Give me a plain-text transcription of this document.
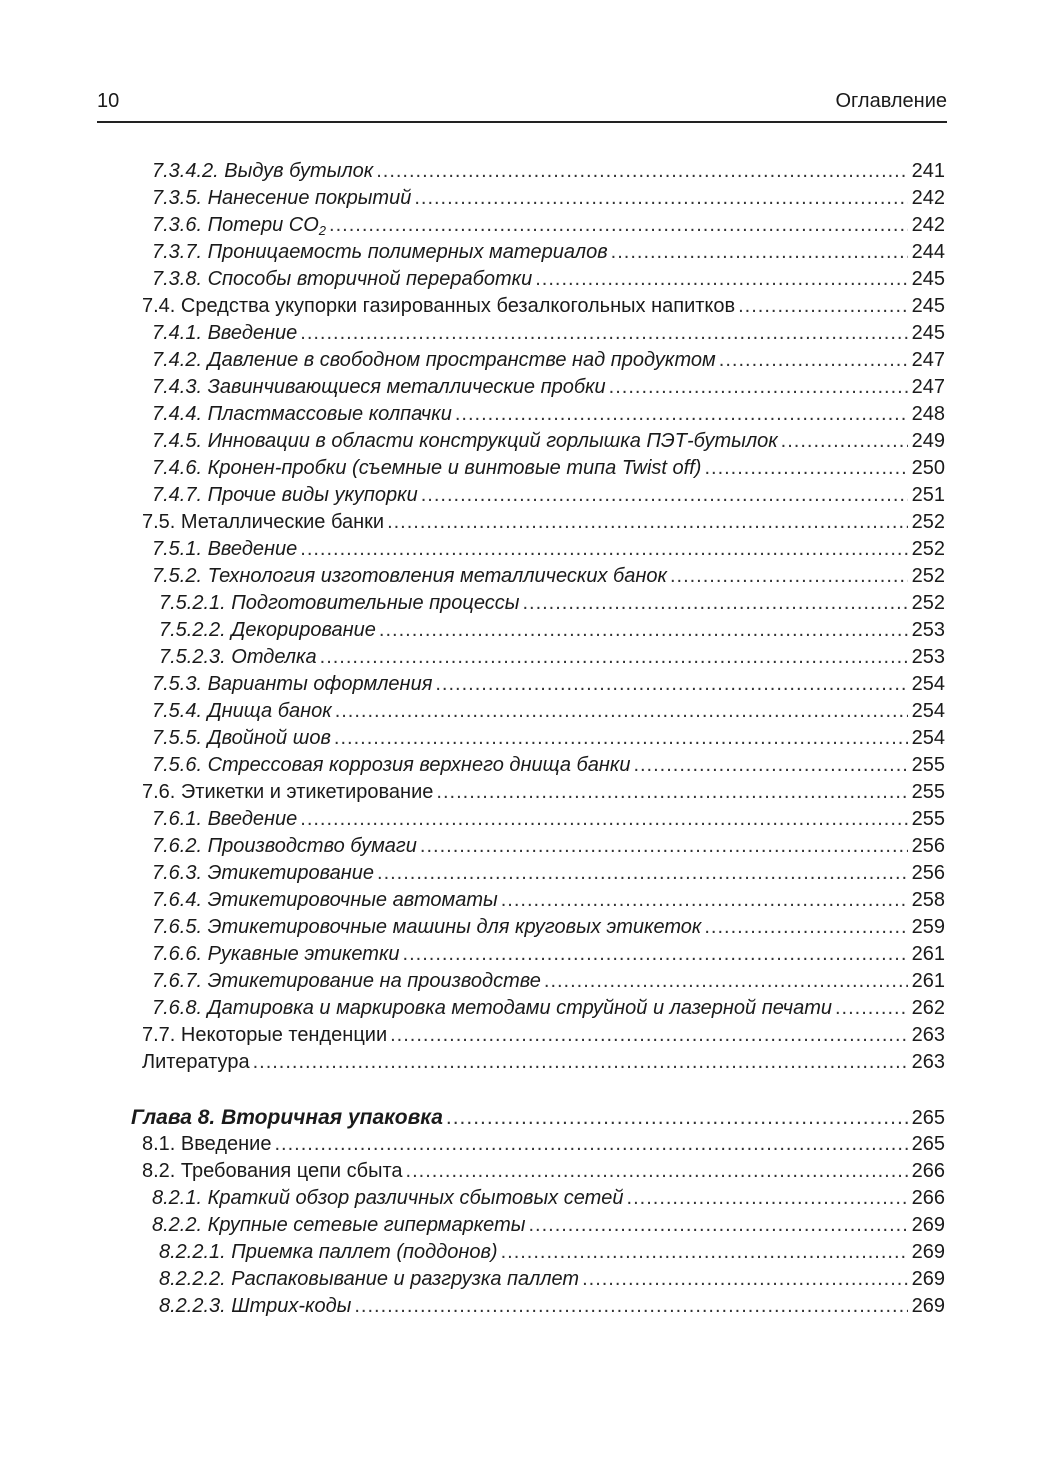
10	Оглавление
7.3.4.2. Выдув бутылок .....	241
7.3.5. Нанесение покрытий .....	242
7.3.6. Потери $CO_2$ .....	242
7.3.7. Проницаемость полимерных материалов .....	244
7.3.8. Способы вторичной переработки .....	245
7.4. Средства укупорки газированных безалкогольных напитков .....	245
7.4.1. Введение .....	245
7.4.2. Давление в свободном пространстве над продуктом .....	247
7.4.3. Завинчивающиеся металлические пробки .....	247
7.4.4. Пластмассовые колпачки .....	248
7.4.5. Инновации в области конструкций горлышка ПЭТ-бутылок .....	249
7.4.6. Кронен-пробки (съемные и винтовые типа Twist off) .....	250
7.4.7. Прочие виды укупорки .....	251
7.5. Металлические банки .....	252
7.5.1. Введение .....	252
7.5.2. Технология изготовления металлических банок .....	252
7.5.2.1. Подготовительные процессы .....	252
7.5.2.2. Декорирование .....	253
7.5.2.3. Отделка .....	253
7.5.3. Варианты оформления .....	254
7.5.4. Днища банок .....	254
7.5.5. Двойной шов .....	254
7.5.6. Стрессовая коррозия верхнего днища банки .....	255
7.6. Этикетки и этикетирование .....	255
7.6.1. Введение .....	255
7.6.2. Производство бумаги .....	256
7.6.3. Этикетирование .....	256
7.6.4. Этикетировочные автоматы .....	258
7.6.5. Этикетировочные машины для круговых этикеток .....	259
7.6.6. Рукавные этикетки .....	261
7.6.7. Этикетирование на производстве .....	261
7.6.8. Датировка и маркировка методами струйной и лазерной печати .....	262
7.7. Некоторые тенденции .....	263
Литература .....	263
Глава 8. Вторичная упаковка .....	265
8.1. Введение .....	265
8.2. Требования цепи сбыта .....	266
8.2.1. Краткий обзор различных сбытовых сетей .....	266
8.2.2. Крупные сетевые гипермаркеты .....	269
8.2.2.1. Приемка паллет (поддонов) .....	269
8.2.2.2. Распаковывание и разгрузка паллет .....	269
8.2.2.3. Штрих-коды .....	269
